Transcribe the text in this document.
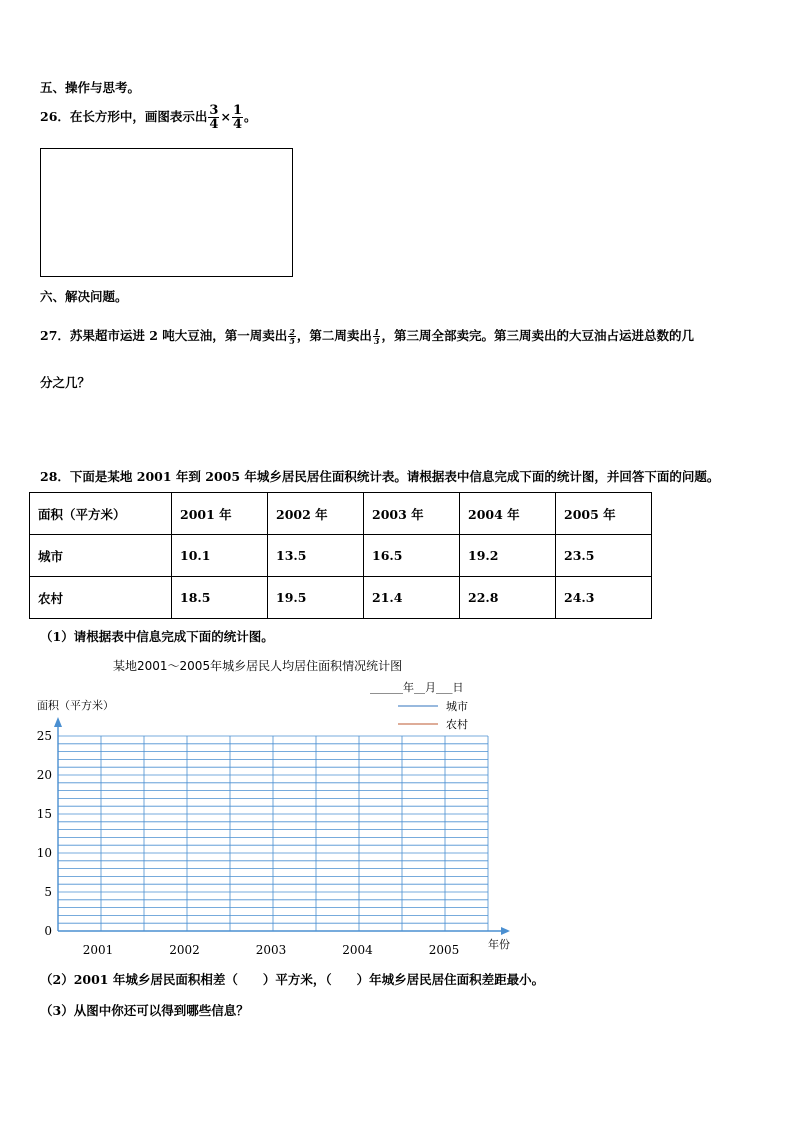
五、操作与思考。
26．在长方形中，画图表示出 $\frac{3}{4} \times \frac{1}{4}$ 。
六、解决问题。
27．苏果超市运进 2 吨大豆油，第一周卖出 $\frac{2}{5}$ ，第二周卖出 $\frac{1}{3}$ ，第三周全部卖完。第三周卖出的大豆油占运进总数的几
分之几？
28．下面是某地 2001 年到 2005 年城乡居民居住面积统计表。请根据表中信息完成下面的统计图，并回答下面的问题。
面积（平方米）	2001 年	2002 年	2003 年	2004 年	2005 年
城市	10.1	13.5	16.5	19.2	23.5
农村	18.5	19.5	21.4	22.8	24.3
（1）请根据表中信息完成下面的统计图。
某地2001～2005年城乡居民人均居住面积情况统计图
0
5
10
15
20
25
2001	2002	2003	2004	2005
城市
农村
______年__月___日
面积（平方米）
年份
（2）2001 年城乡居民面积相差（　　）平方米，（　　）年城乡居民居住面积差距最小。
（3）从图中你还可以得到哪些信息？
